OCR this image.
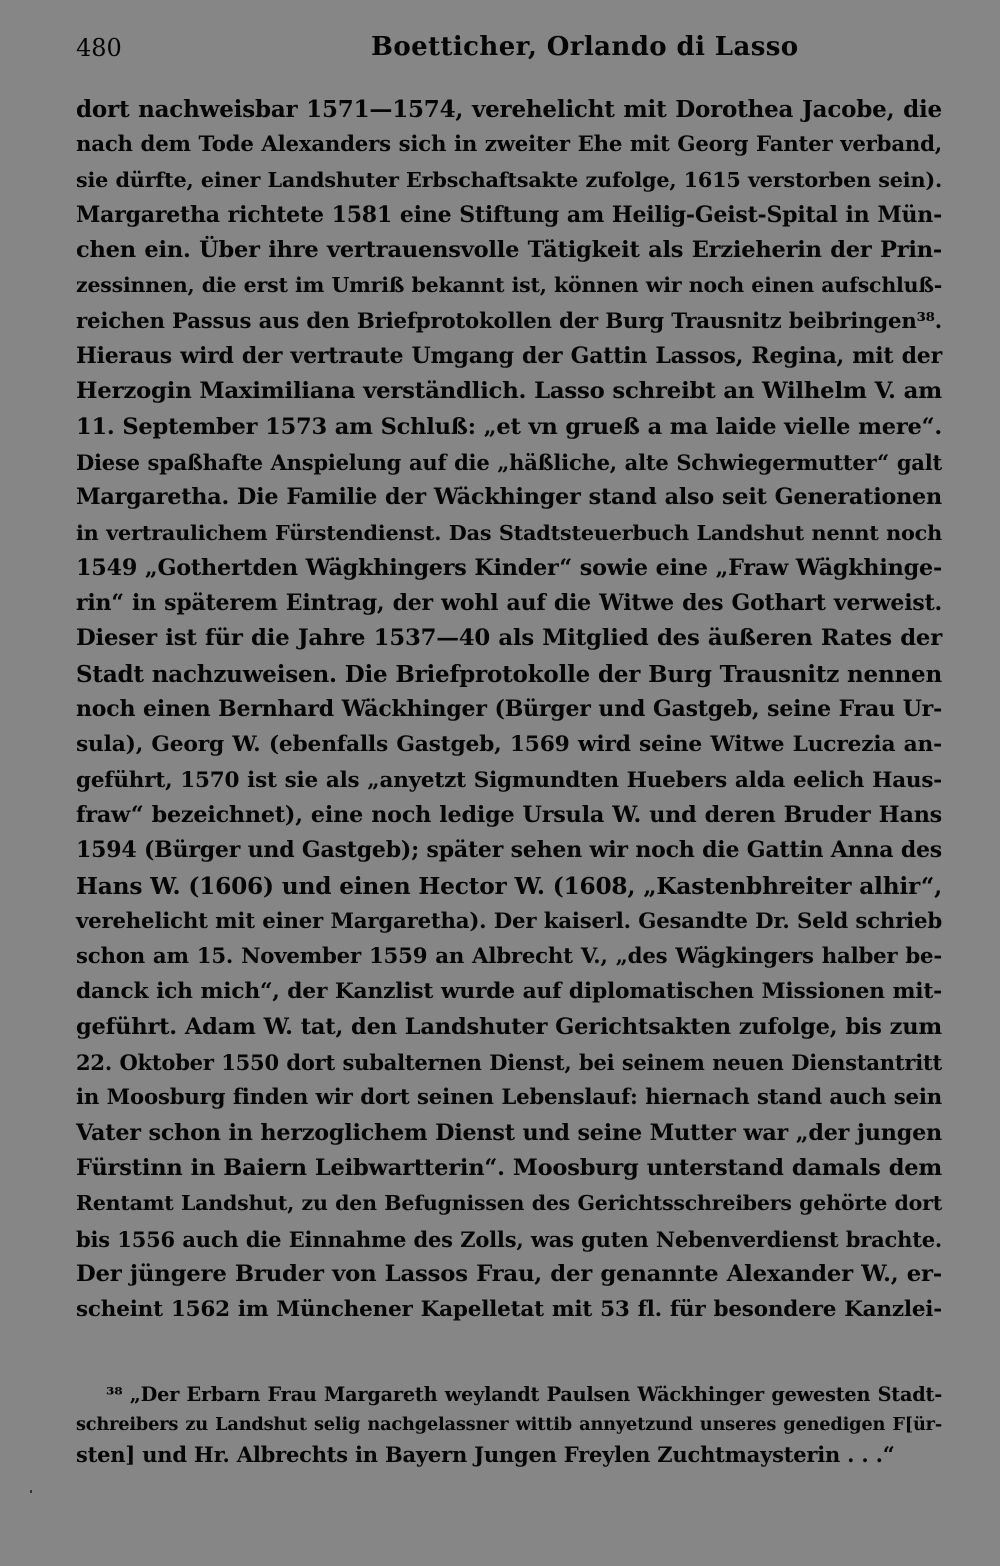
480	Boetticher, Orlando di Lasso
dort nachweisbar 1571—1574, verehelicht mit Dorothea Jacobe, die
nach dem Tode Alexanders sich in zweiter Ehe mit Georg Fanter verband,
sie dürfte, einer Landshuter Erbschaftsakte zufolge, 1615 verstorben sein).
Margaretha richtete 1581 eine Stiftung am Heilig-Geist-Spital in Mün-
chen ein. Über ihre vertrauensvolle Tätigkeit als Erzieherin der Prin-
zessinnen, die erst im Umriß bekannt ist, können wir noch einen aufschluß-
reichen Passus aus den Briefprotokollen der Burg Trausnitz beibringen³⁸.
Hieraus wird der vertraute Umgang der Gattin Lassos, Regina, mit der
Herzogin Maximiliana verständlich. Lasso schreibt an Wilhelm V. am
11. September 1573 am Schluß: „et vn grueß a ma laide vielle mere“.
Diese spaßhafte Anspielung auf die „häßliche, alte Schwiegermutter“ galt
Margaretha. Die Familie der Wäckhinger stand also seit Generationen
in vertraulichem Fürstendienst. Das Stadtsteuerbuch Landshut nennt noch
1549 „Gothertden Wägkhingers Kinder“ sowie eine „Fraw Wägkhinge-
rin“ in späterem Eintrag, der wohl auf die Witwe des Gothart verweist.
Dieser ist für die Jahre 1537—40 als Mitglied des äußeren Rates der
Stadt nachzuweisen. Die Briefprotokolle der Burg Trausnitz nennen
noch einen Bernhard Wäckhinger (Bürger und Gastgeb, seine Frau Ur-
sula), Georg W. (ebenfalls Gastgeb, 1569 wird seine Witwe Lucrezia an-
geführt, 1570 ist sie als „anyetzt Sigmundten Huebers alda eelich Haus-
fraw“ bezeichnet), eine noch ledige Ursula W. und deren Bruder Hans
1594 (Bürger und Gastgeb); später sehen wir noch die Gattin Anna des
Hans W. (1606) und einen Hector W. (1608, „Kastenbhreiter alhir“,
verehelicht mit einer Margaretha). Der kaiserl. Gesandte Dr. Seld schrieb
schon am 15. November 1559 an Albrecht V., „des Wägkingers halber be-
danck ich mich“, der Kanzlist wurde auf diplomatischen Missionen mit-
geführt. Adam W. tat, den Landshuter Gerichtsakten zufolge, bis zum
22. Oktober 1550 dort subalternen Dienst, bei seinem neuen Dienstantritt
in Moosburg finden wir dort seinen Lebenslauf: hiernach stand auch sein
Vater schon in herzoglichem Dienst und seine Mutter war „der jungen
Fürstinn in Baiern Leibwartterin“. Moosburg unterstand damals dem
Rentamt Landshut, zu den Befugnissen des Gerichtsschreibers gehörte dort
bis 1556 auch die Einnahme des Zolls, was guten Nebenverdienst brachte.
Der jüngere Bruder von Lassos Frau, der genannte Alexander W., er-
scheint 1562 im Münchener Kapelletat mit 53 fl. für besondere Kanzlei-
³⁸ „Der Erbarn Frau Margareth weylandt Paulsen Wäckhinger gewesten Stadt-
schreibers zu Landshut selig nachgelassner wittib annyetzund unseres genedigen F[ür-
sten] und Hr. Albrechts in Bayern Jungen Freylen Zuchtmaysterin . . .“
